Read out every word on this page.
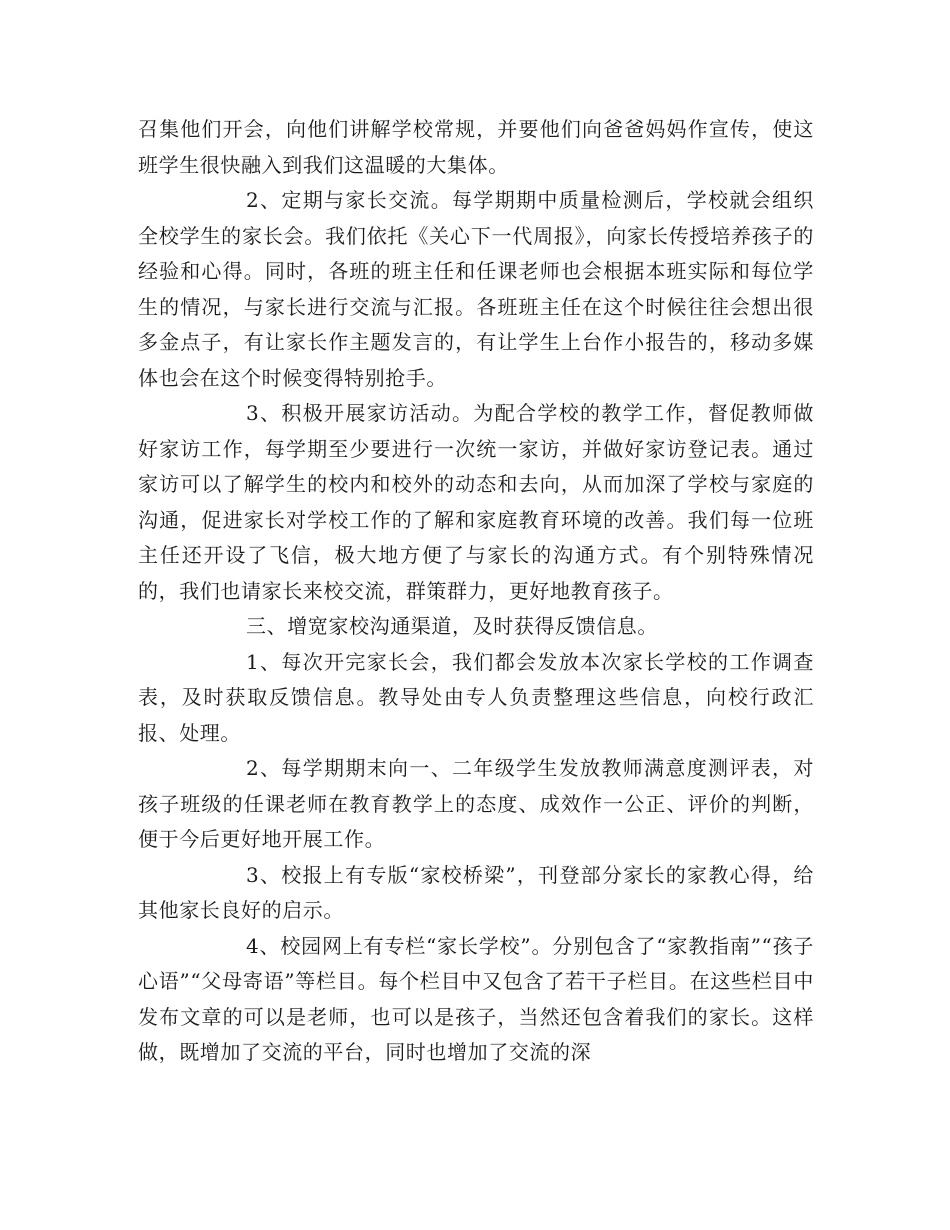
召集他们开会，向他们讲解学校常规，并要他们向爸爸妈妈作宣传，使这班学生很快融入到我们这温暖的大集体。

2、定期与家长交流。每学期期中质量检测后，学校就会组织全校学生的家长会。我们依托《关心下一代周报》，向家长传授培养孩子的经验和心得。同时，各班的班主任和任课老师也会根据本班实际和每位学生的情况，与家长进行交流与汇报。各班班主任在这个时候往往会想出很多金点子，有让家长作主题发言的，有让学生上台作小报告的，移动多媒体也会在这个时候变得特别抢手。

3、积极开展家访活动。为配合学校的教学工作，督促教师做好家访工作，每学期至少要进行一次统一家访，并做好家访登记表。通过家访可以了解学生的校内和校外的动态和去向，从而加深了学校与家庭的沟通，促进家长对学校工作的了解和家庭教育环境的改善。我们每一位班主任还开设了飞信，极大地方便了与家长的沟通方式。有个别特殊情况的，我们也请家长来校交流，群策群力，更好地教育孩子。

三、增宽家校沟通渠道，及时获得反馈信息。

1、每次开完家长会，我们都会发放本次家长学校的工作调查表，及时获取反馈信息。教导处由专人负责整理这些信息，向校行政汇报、处理。

2、每学期期末向一、二年级学生发放教师满意度测评表，对孩子班级的任课老师在教育教学上的态度、成效作一公正、评价的判断，便于今后更好地开展工作。

3、校报上有专版“家校桥梁”，刊登部分家长的家教心得，给其他家长良好的启示。

4、校园网上有专栏“家长学校”。分别包含了“家教指南”“孩子心语”“父母寄语”等栏目。每个栏目中又包含了若干子栏目。在这些栏目中发布文章的可以是老师，也可以是孩子，当然还包含着我们的家长。这样做，既增加了交流的平台，同时也增加了交流的深
